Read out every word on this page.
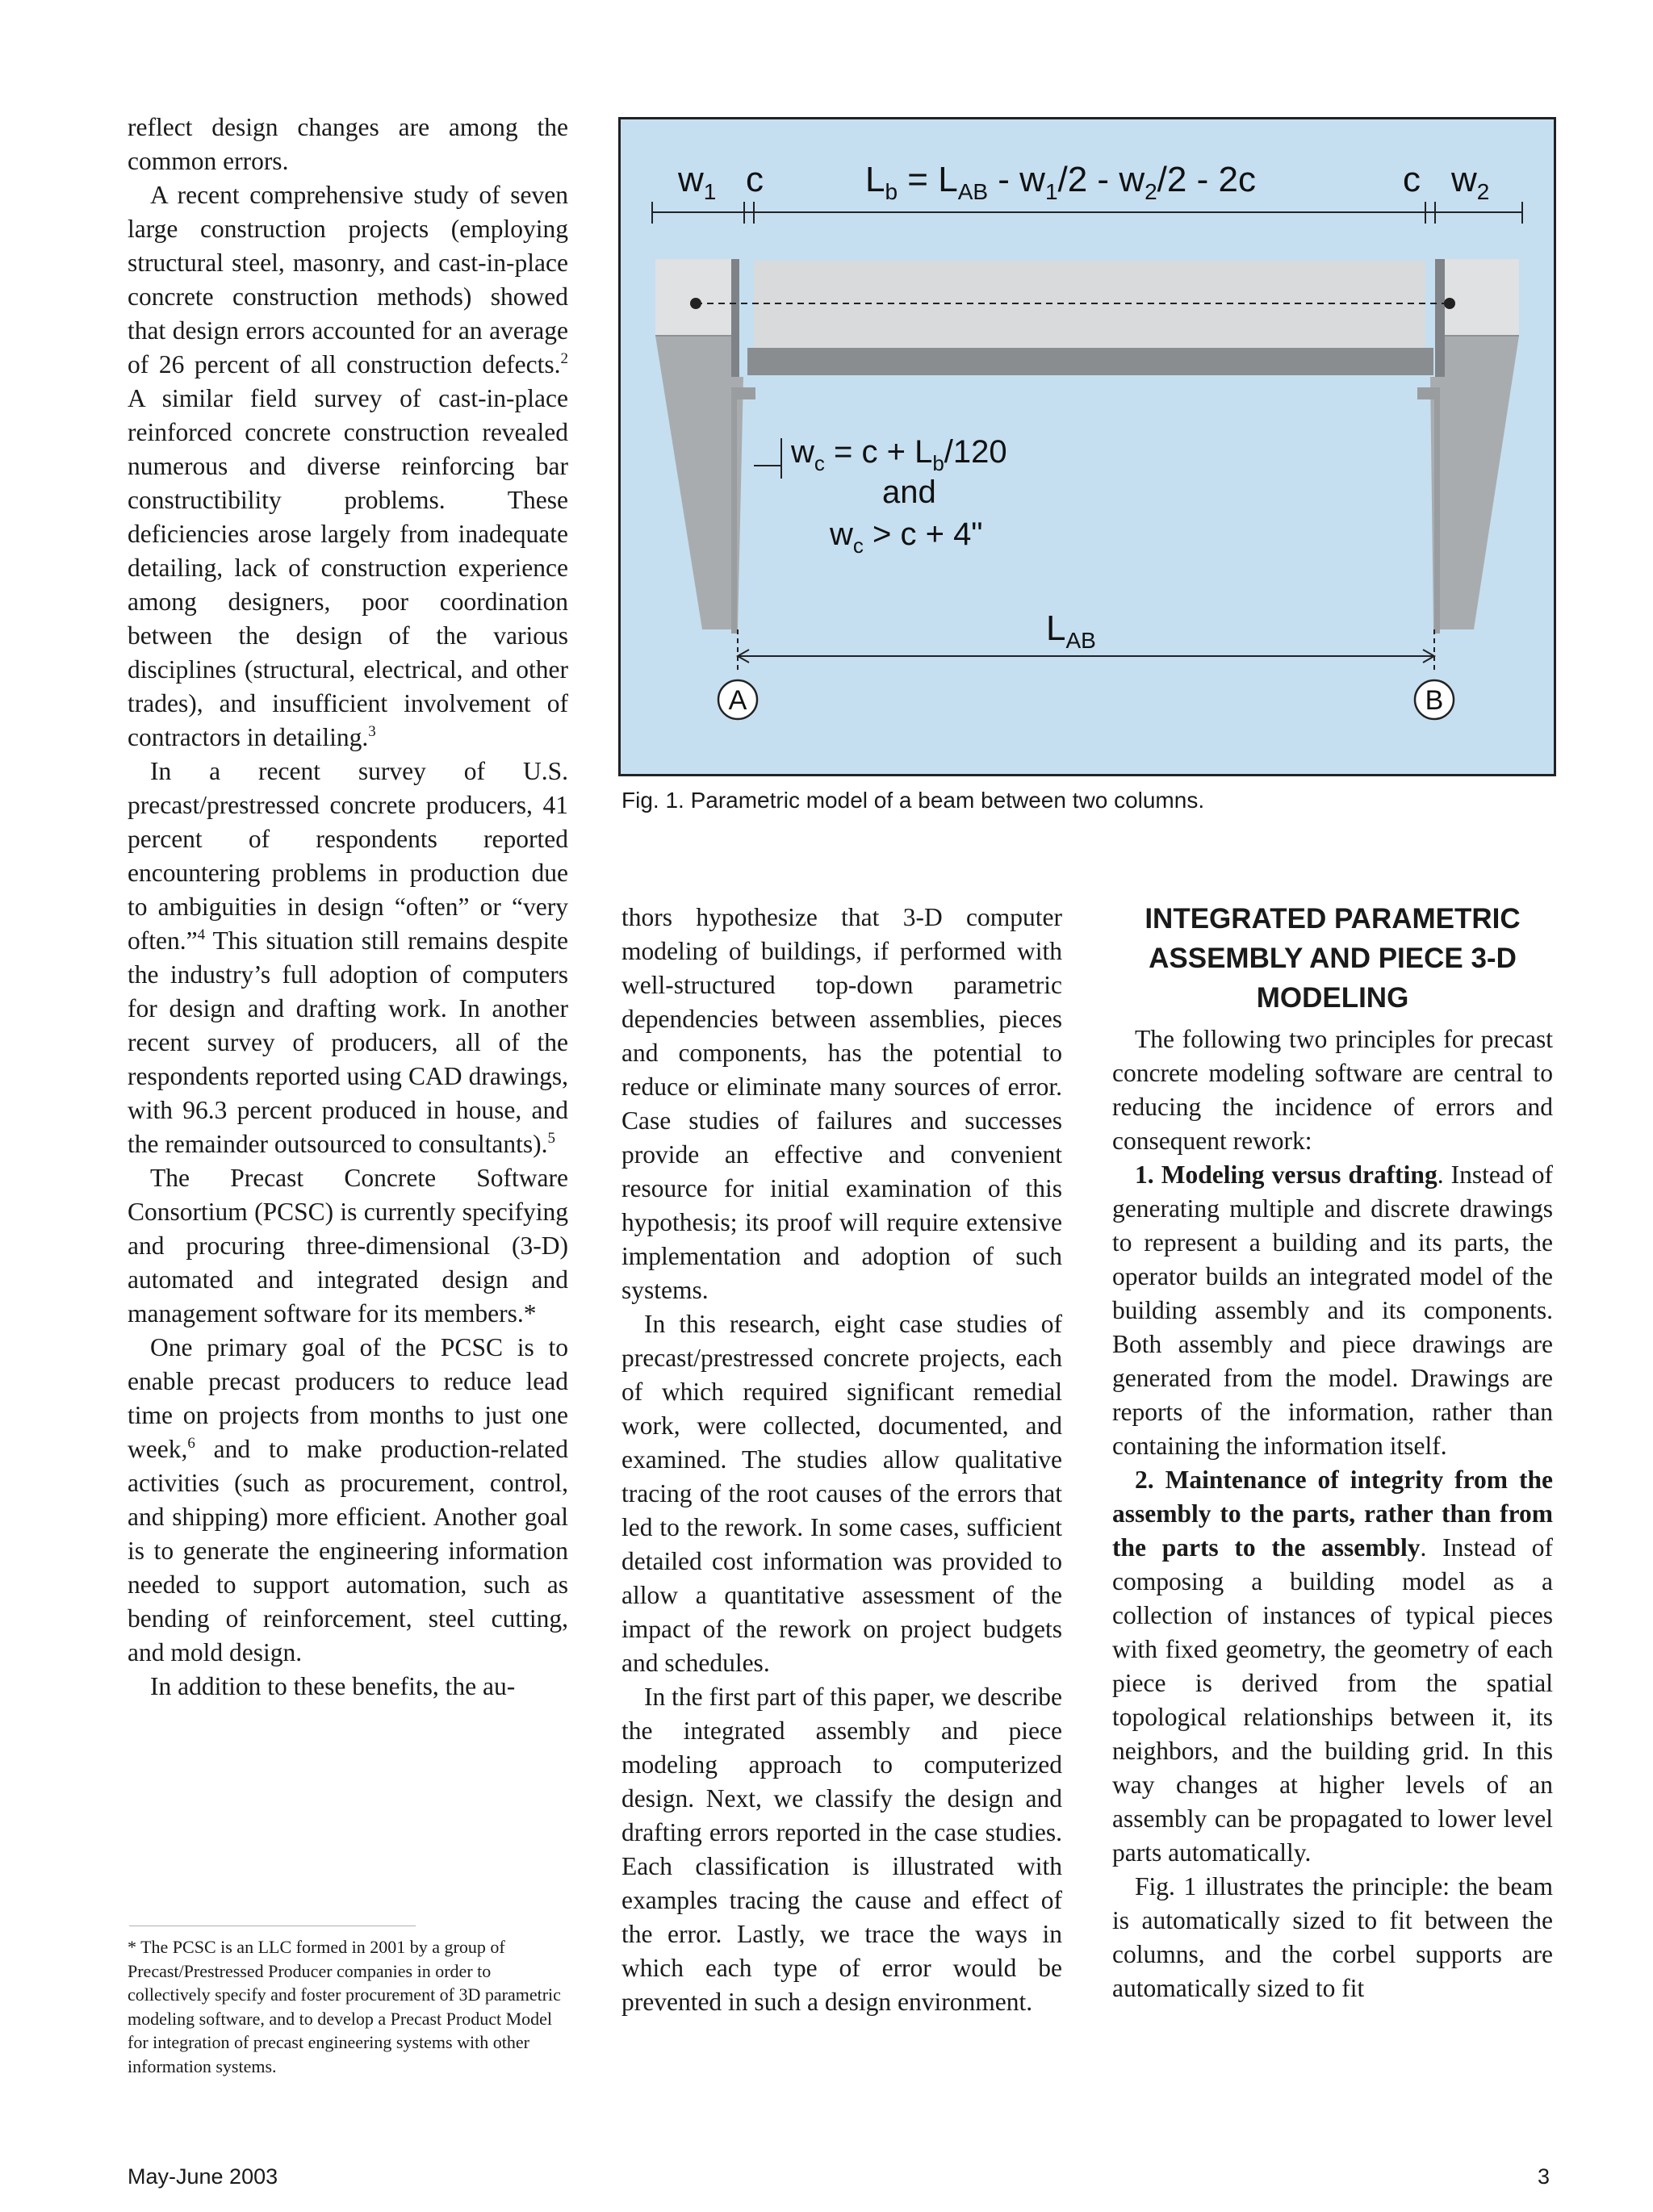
reflect design changes are among the common errors.

A recent comprehensive study of seven large construction projects (employing structural steel, masonry, and cast-in-place concrete construction methods) showed that design errors accounted for an average of 26 percent of all construction defects.$^2$ A similar field survey of cast-in-place reinforced concrete construction revealed numerous and diverse reinforcing bar constructibility problems. These deficiencies arose largely from inadequate detailing, lack of construction experience among designers, poor coordination between the design of the various disciplines (structural, electrical, and other trades), and insufficient involvement of contractors in detailing.$^3$

In a recent survey of U.S. precast/prestressed concrete producers, 41 percent of respondents reported encountering problems in production due to ambiguities in design “often” or “very often.”$^4$ This situation still remains despite the industry’s full adoption of computers for design and drafting work. In another recent survey of producers, all of the respondents reported using CAD drawings, with 96.3 percent produced in house, and the remainder outsourced to consultants).$^5$

The Precast Concrete Software Consortium (PCSC) is currently specifying and procuring three-dimensional (3-D) automated and integrated design and management software for its members.*

One primary goal of the PCSC is to enable precast producers to reduce lead time on projects from months to just one week,$^6$ and to make production-related activities (such as procurement, control, and shipping) more efficient. Another goal is to generate the engineering information needed to support automation, such as bending of reinforcement, steel cutting, and mold design.

In addition to these benefits, the au-

* The PCSC is an LLC formed in 2001 by a group of Precast/Prestressed Producer companies in order to collectively specify and foster procurement of 3D parametric modeling software, and to develop a Precast Product Model for integration of precast engineering systems with other information systems.

$w_1$ c	$L_b = L_{AB} - w_1/2 - w_2/2 - 2c$	c $w_2$
$w_c = c + L_b/120$
and
$w_c > c + 4$"
$L_{AB}$
A	B
Fig. 1. Parametric model of a beam between two columns.

thors hypothesize that 3-D computer modeling of buildings, if performed with well-structured top-down parametric dependencies between assemblies, pieces and components, has the potential to reduce or eliminate many sources of error. Case studies of failures and successes provide an effective and convenient resource for initial examination of this hypothesis; its proof will require extensive implementation and adoption of such systems.

In this research, eight case studies of precast/prestressed concrete projects, each of which required significant remedial work, were collected, documented, and examined. The studies allow qualitative tracing of the root causes of the errors that led to the rework. In some cases, sufficient detailed cost information was provided to allow a quantitative assessment of the impact of the rework on project budgets and schedules.

In the first part of this paper, we describe the integrated assembly and piece modeling approach to computerized design. Next, we classify the design and drafting errors reported in the case studies. Each classification is illustrated with examples tracing the cause and effect of the error. Lastly, we trace the ways in which each type of error would be prevented in such a design environment.

INTEGRATED PARAMETRIC ASSEMBLY AND PIECE 3-D MODELING

The following two principles for precast concrete modeling software are central to reducing the incidence of errors and consequent rework:

1. Modeling versus drafting. Instead of generating multiple and discrete drawings to represent a building and its parts, the operator builds an integrated model of the building assembly and its components. Both assembly and piece drawings are generated from the model. Drawings are reports of the information, rather than containing the information itself.

2. Maintenance of integrity from the assembly to the parts, rather than from the parts to the assembly. Instead of composing a building model as a collection of instances of typical pieces with fixed geometry, the geometry of each piece is derived from the spatial topological relationships between it, its neighbors, and the building grid. In this way changes at higher levels of an assembly can be propagated to lower level parts automatically.

Fig. 1 illustrates the principle: the beam is automatically sized to fit between the columns, and the corbel supports are automatically sized to fit

May-June 2003	3
